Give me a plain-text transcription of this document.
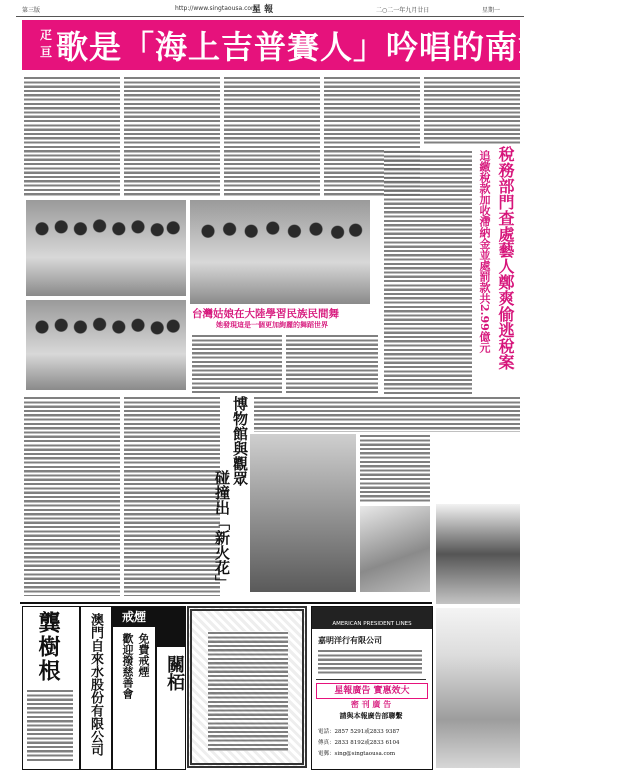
第三版	http://www.singtaousa.com
星 報	二○二一年九月廿日	星期一
疋
亘 歌是「海上吉普賽人」吟唱的南海漁歌
稅務部門查處藝人鄭爽偷逃稅案
追繳稅款加收滯納金並處罰款共2.99億元
台灣姑娘在大陸學習民族民間舞
她發現這是一個更加絢麗的舞蹈世界
博物館與觀眾
碰撞出「新火花」
龔樹根 澳門自來水股份有限公司	戒煙
免費戒煙
歡迎撥慈善會 關栢
AMERICAN PRESIDENT LINES
嘉明洋行有限公司
星報廣告 實惠效大
密 刊 廣 告
請與本報廣告部聯繫
電話：2857 5291或2833 9387
傳真：2833 8192或2833 6104
電郵：sing@singtaousa.com
